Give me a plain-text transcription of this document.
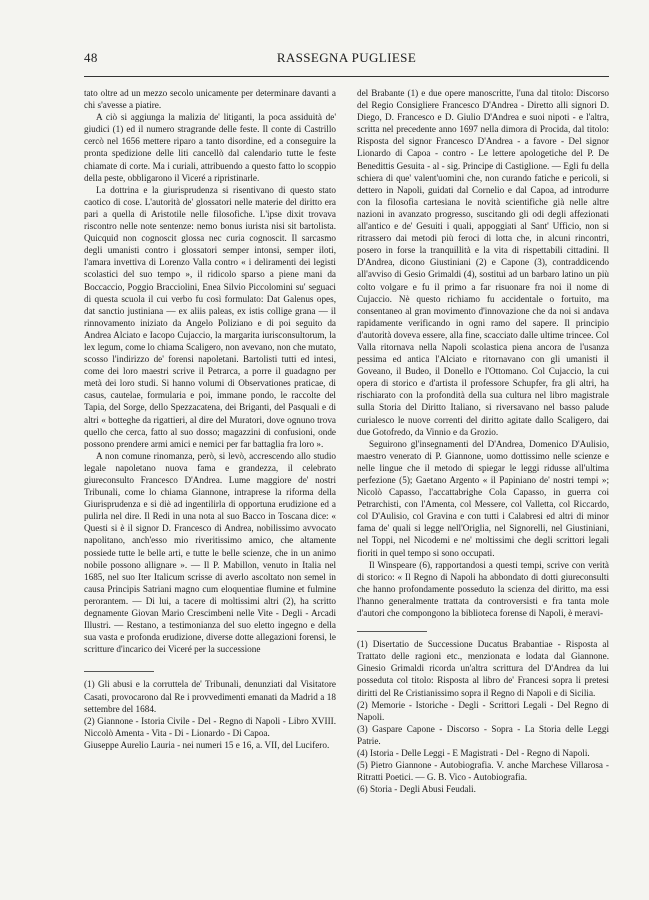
48	RASSEGNA PUGLIESE

tato oltre ad un mezzo secolo unicamente per determinare davanti a chi s'avesse a piatire.

A ciò si aggiunga la malizia de' litiganti, la poca assiduità de' giudici (1) ed il numero stragrande delle feste. Il conte di Castrillo cercò nel 1656 mettere riparo a tanto disordine, ed a conseguire la pronta spedizione delle liti cancellò dal calendario tutte le feste chiamate di corte. Ma i curiali, attribuendo a questo fatto lo scoppio della peste, obbligarono il Viceré a ripristinarle.

La dottrina e la giurisprudenza si risentivano di questo stato caotico di cose. L'autorità de' glossatori nelle materie del diritto era pari a quella di Aristotile nelle filosofiche. L'ipse dixit trovava riscontro nelle note sentenze: nemo bonus iurista nisi sit bartolista. Quicquid non cognoscit glossa nec curia cognoscit. Il sarcasmo degli umanisti contro i glossatori semper intonsi, semper iloti, l'amara invettiva di Lorenzo Valla contro « i deliramenti dei legisti scolastici del suo tempo », il ridicolo sparso a piene mani da Boccaccio, Poggio Bracciolini, Enea Silvio Piccolomini su' seguaci di questa scuola il cui verbo fu così formulato: Dat Galenus opes, dat sanctio justiniana — ex aliis paleas, ex istis collige grana — il rinnovamento iniziato da Angelo Poliziano e di poi seguito da Andrea Alciato e Iacopo Cujaccio, la margarita iurisconsultorum, la lex legum, come lo chiama Scaligero, non avevano, non che mutato, scosso l'indirizzo de' forensi napoletani. Bartolisti tutti ed intesi, come dei loro maestri scrive il Petrarca, a porre il guadagno per metà dei loro studi. Si hanno volumi di Observationes praticae, di casus, cautelae, formularia e poi, immane pondo, le raccolte del Tapia, del Sorge, dello Spezzacatena, dei Briganti, del Pasquali e di altri « botteghe da rigattieri, al dire del Muratori, dove ognuno trova quello che cerca, fatto al suo dosso; magazzini di confusioni, onde possono prendere armi amici e nemici per far battaglia fra loro ».

A non comune rinomanza, però, si levò, accrescendo allo studio legale napoletano nuova fama e grandezza, il celebrato giureconsulto Francesco D'Andrea. Lume maggiore de' nostri Tribunali, come lo chiama Giannone, intraprese la riforma della Giurisprudenza e si diè ad ingentilirla di opportuna erudizione ed a pulirla nel dire. Il Redi in una nota al suo Bacco in Toscana dice: « Questi si è il signor D. Francesco di Andrea, nobilissimo avvocato napolitano, anch'esso mio riveritissimo amico, che altamente possiede tutte le belle arti, e tutte le belle scienze, che in un animo nobile possono allignare ». — Il P. Mabillon, venuto in Italia nel 1685, nel suo Iter Italicum scrisse di averlo ascoltato non semel in causa Principis Satriani magno cum eloquentiae flumine et fulmine perorantem. — Di lui, a tacere di moltissimi altri (2), ha scritto degnamente Giovan Mario Crescimbeni nelle Vite - Degli - Arcadi Illustri. — Restano, a testimonianza del suo eletto ingegno e della sua vasta e profonda erudizione, diverse dotte allegazioni forensi, le scritture d'incarico dei Viceré per la successione

(1) Gli abusi e la corruttela de' Tribunali, denunziati dal Visitatore Casati, provocarono dal Re i provvedimenti emanati da Madrid a 18 settembre del 1684.

(2) Giannone - Istoria Civile - Del - Regno di Napoli - Libro XVIII. Niccolò Amenta - Vita - Di - Lionardo - Di Capoa.

Giuseppe Aurelio Lauria - nei numeri 15 e 16, a. VII, del Lucifero.

del Brabante (1) e due opere manoscritte, l'una dal titolo: Discorso del Regio Consigliere Francesco D'Andrea - Diretto alli signori D. Diego, D. Francesco e D. Giulio D'Andrea e suoi nipoti - e l'altra, scritta nel precedente anno 1697 nella dimora di Procida, dal titolo: Risposta del signor Francesco D'Andrea - a favore - Del signor Lionardo di Capoa - contro - Le lettere apologetiche del P. De Benedittis Gesuita - al - sig. Principe di Castiglione. — Egli fu della schiera di que' valent'uomini che, non curando fatiche e pericoli, si dettero in Napoli, guidati dal Cornelio e dal Capoa, ad introdurre con la filosofia cartesiana le novità scientifiche già nelle altre nazioni in avanzato progresso, suscitando gli odi degli affezionati all'antico e de' Gesuiti i quali, appoggiati al Sant' Ufficio, non si ritrassero dai metodi più feroci di lotta che, in alcuni rincontri, posero in forse la tranquillità e la vita di rispettabili cittadini. Il D'Andrea, dicono Giustiniani (2) e Capone (3), contraddicendo all'avviso di Gesio Grimaldi (4), sostituì ad un barbaro latino un più colto volgare e fu il primo a far risuonare fra noi il nome di Cujaccio. Nè questo richiamo fu accidentale o fortuito, ma consentaneo al gran movimento d'innovazione che da noi si andava rapidamente verificando in ogni ramo del sapere. Il principio d'autorità doveva essere, alla fine, scacciato dalle ultime trincee. Col Valla ritornava nella Napoli scolastica piena ancora de l'usanza pessima ed antica l'Alciato e ritornavano con gli umanisti il Goveano, il Budeo, il Donello e l'Ottomano. Col Cujaccio, la cui opera di storico e d'artista il professore Schupfer, fra gli altri, ha rischiarato con la profondità della sua cultura nel libro magistrale sulla Storia del Diritto Italiano, si riversavano nel basso palude curialesco le nuove correnti del diritto agitate dallo Scaligero, dai due Gotofredo, da Vinnio e da Grozio.

Seguirono gl'insegnamenti del D'Andrea, Domenico D'Aulisio, maestro venerato di P. Giannone, uomo dottissimo nelle scienze e nelle lingue che il metodo di spiegar le leggi ridusse all'ultima perfezione (5); Gaetano Argento « il Papiniano de' nostri tempi »; Nicolò Capasso, l'accattabrighe Cola Capasso, in guerra coi Petrarchisti, con l'Amenta, col Messere, col Valletta, col Riccardo, col D'Aulisio, col Gravina e con tutti i Calabresi ed altri di minor fama de' quali si legge nell'Origlia, nel Signorelli, nel Giustiniani, nel Toppi, nel Nicodemi e ne' moltissimi che degli scrittori legali fioriti in quel tempo si sono occupati.

Il Winspeare (6), rapportandosi a questi tempi, scrive con verità di storico: « Il Regno di Napoli ha abbondato di dotti giureconsulti che hanno profondamente posseduto la scienza del diritto, ma essi l'hanno generalmente trattata da controversisti e fra tanta mole d'autori che compongono la biblioteca forense di Napoli, è meravi-

(1) Disertatio de Successione Ducatus Brabantiae - Risposta al Trattato delle ragioni etc., menzionata e lodata dal Giannone. Ginesio Grimaldi ricorda un'altra scrittura del D'Andrea da lui posseduta col titolo: Risposta al libro de' Francesi sopra li pretesi diritti del Re Cristianissimo sopra il Regno di Napoli e di Sicilia.

(2) Memorie - Istoriche - Degli - Scrittori Legali - Del Regno di Napoli.

(3) Gaspare Capone - Discorso - Sopra - La Storia delle Leggi Patrie.

(4) Istoria - Delle Leggi - E Magistrati - Del - Regno di Napoli.

(5) Pietro Giannone - Autobiografia. V. anche Marchese Villarosa - Ritratti Poetici. — G. B. Vico - Autobiografia.

(6) Storia - Degli Abusi Feudali.
